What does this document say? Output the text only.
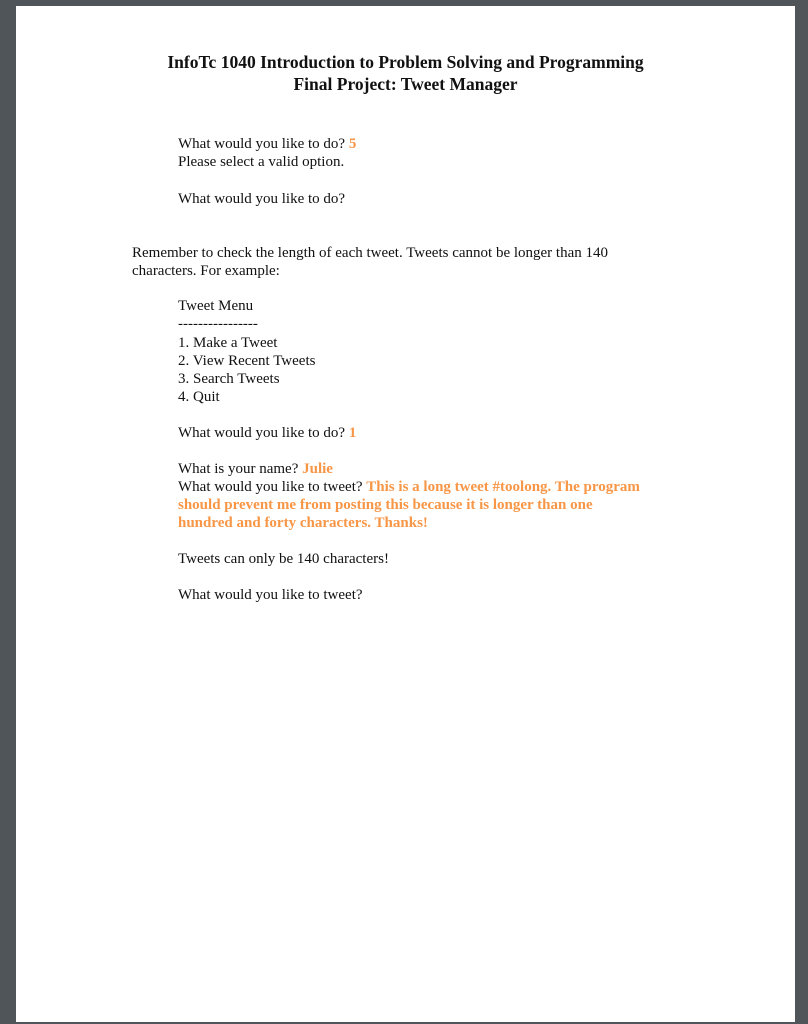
InfoTc 1040 Introduction to Problem Solving and Programming
Final Project: Tweet Manager
What would you like to do? 5
Please select a valid option.
What would you like to do?
Remember to check the length of each tweet. Tweets cannot be longer than 140
characters. For example:
Tweet Menu
----------------
1. Make a Tweet
2. View Recent Tweets
3. Search Tweets
4. Quit
What would you like to do? 1
What is your name? Julie
What would you like to tweet? This is a long tweet #toolong. The program
should prevent me from posting this because it is longer than one
hundred and forty characters. Thanks!
Tweets can only be 140 characters!
What would you like to tweet?
